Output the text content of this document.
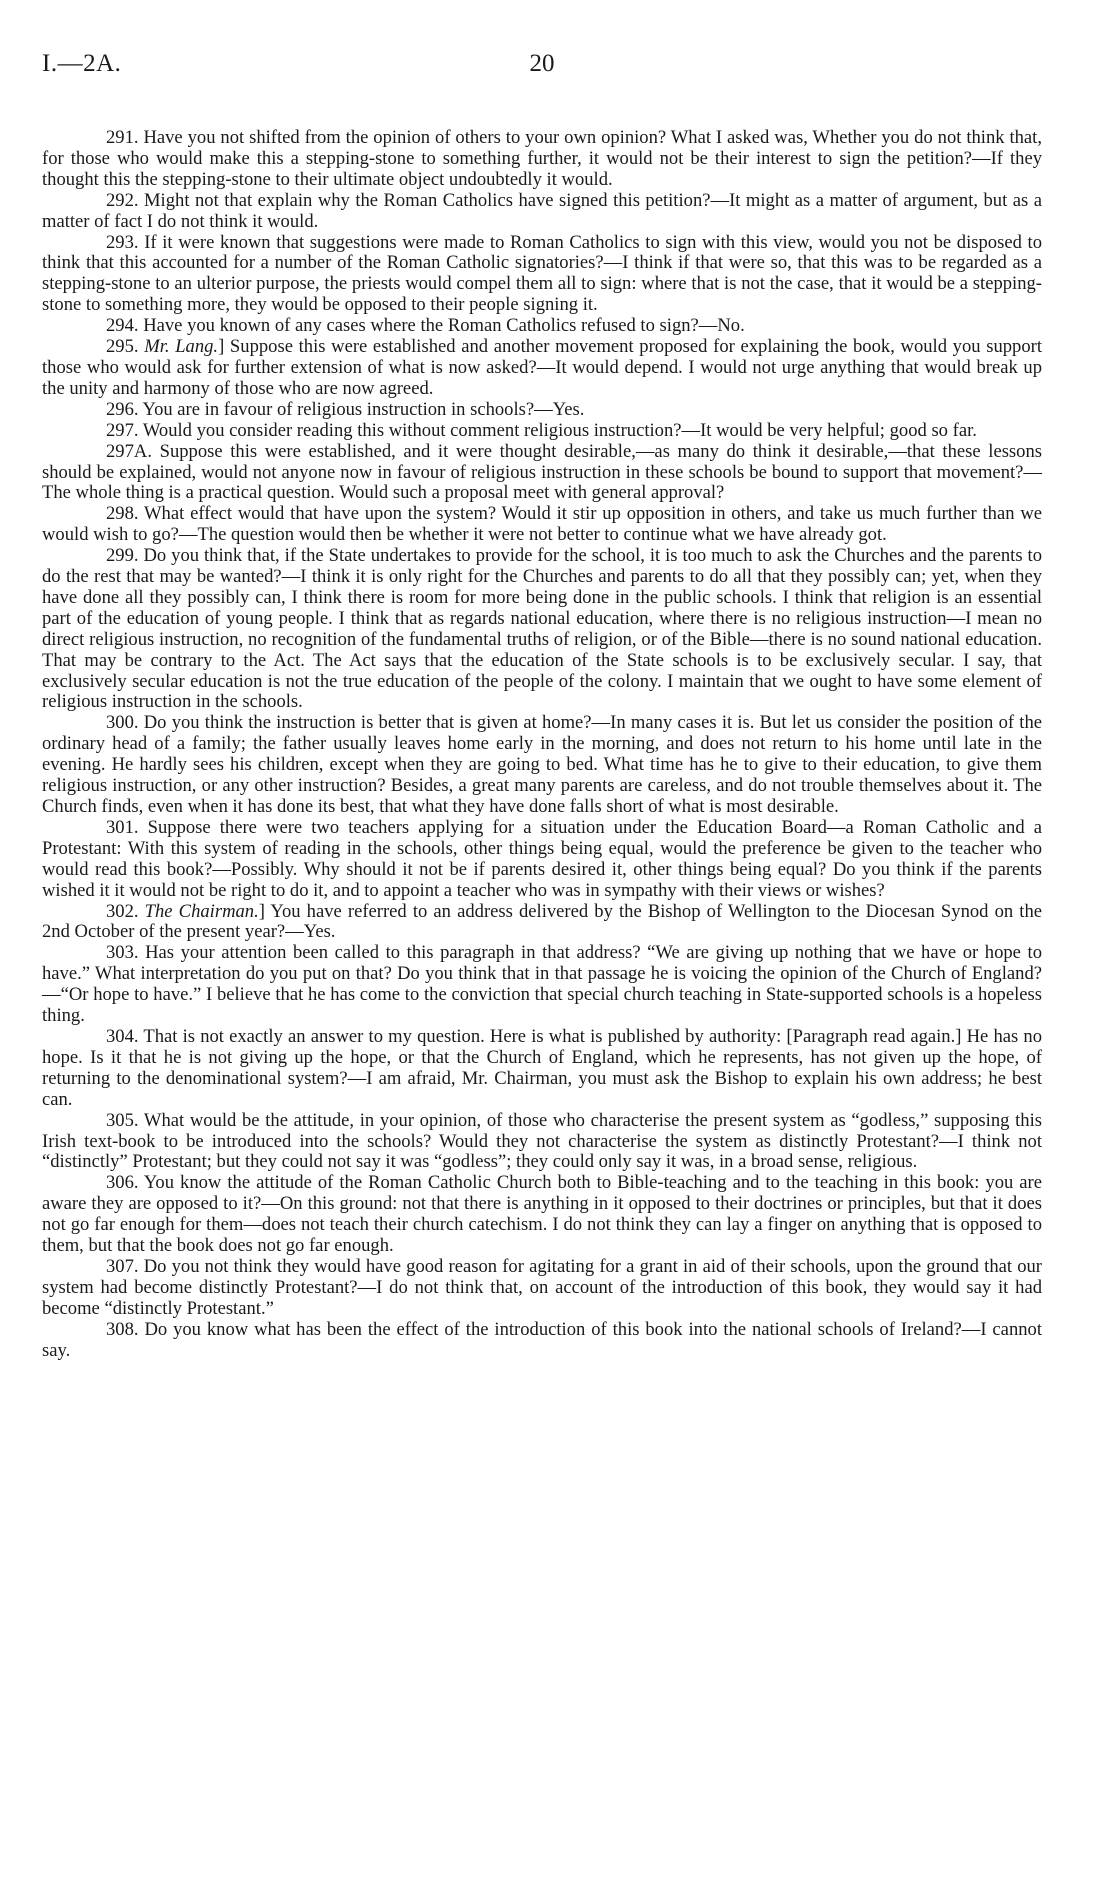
I.—2A.	20

291. Have you not shifted from the opinion of others to your own opinion? What I asked was, Whether you do not think that, for those who would make this a stepping-stone to something further, it would not be their interest to sign the petition?—If they thought this the stepping-stone to their ultimate object undoubtedly it would.

292. Might not that explain why the Roman Catholics have signed this petition?—It might as a matter of argument, but as a matter of fact I do not think it would.

293. If it were known that suggestions were made to Roman Catholics to sign with this view, would you not be disposed to think that this accounted for a number of the Roman Catholic signatories?—I think if that were so, that this was to be regarded as a stepping-stone to an ulterior purpose, the priests would compel them all to sign: where that is not the case, that it would be a stepping-stone to something more, they would be opposed to their people signing it.

294. Have you known of any cases where the Roman Catholics refused to sign?—No.

295. Mr. Lang.] Suppose this were established and another movement proposed for explaining the book, would you support those who would ask for further extension of what is now asked?—It would depend. I would not urge anything that would break up the unity and harmony of those who are now agreed.

296. You are in favour of religious instruction in schools?—Yes.

297. Would you consider reading this without comment religious instruction?—It would be very helpful; good so far.

297A. Suppose this were established, and it were thought desirable,—as many do think it desirable,—that these lessons should be explained, would not anyone now in favour of religious instruction in these schools be bound to support that movement?—The whole thing is a practical question. Would such a proposal meet with general approval?

298. What effect would that have upon the system? Would it stir up opposition in others, and take us much further than we would wish to go?—The question would then be whether it were not better to continue what we have already got.

299. Do you think that, if the State undertakes to provide for the school, it is too much to ask the Churches and the parents to do the rest that may be wanted?—I think it is only right for the Churches and parents to do all that they possibly can; yet, when they have done all they possibly can, I think there is room for more being done in the public schools. I think that religion is an essential part of the education of young people. I think that as regards national education, where there is no religious instruction—I mean no direct religious instruction, no recognition of the fundamental truths of religion, or of the Bible—there is no sound national education. That may be contrary to the Act. The Act says that the education of the State schools is to be exclusively secular. I say, that exclusively secular education is not the true education of the people of the colony. I maintain that we ought to have some element of religious instruction in the schools.

300. Do you think the instruction is better that is given at home?—In many cases it is. But let us consider the position of the ordinary head of a family; the father usually leaves home early in the morning, and does not return to his home until late in the evening. He hardly sees his children, except when they are going to bed. What time has he to give to their education, to give them religious instruction, or any other instruction? Besides, a great many parents are careless, and do not trouble themselves about it. The Church finds, even when it has done its best, that what they have done falls short of what is most desirable.

301. Suppose there were two teachers applying for a situation under the Education Board—a Roman Catholic and a Protestant: With this system of reading in the schools, other things being equal, would the preference be given to the teacher who would read this book?—Possibly. Why should it not be if parents desired it, other things being equal? Do you think if the parents wished it it would not be right to do it, and to appoint a teacher who was in sympathy with their views or wishes?

302. The Chairman.] You have referred to an address delivered by the Bishop of Wellington to the Diocesan Synod on the 2nd October of the present year?—Yes.

303. Has your attention been called to this paragraph in that address? “We are giving up nothing that we have or hope to have.” What interpretation do you put on that? Do you think that in that passage he is voicing the opinion of the Church of England?—“Or hope to have.” I believe that he has come to the conviction that special church teaching in State-supported schools is a hopeless thing.

304. That is not exactly an answer to my question. Here is what is published by authority: [Paragraph read again.] He has no hope. Is it that he is not giving up the hope, or that the Church of England, which he represents, has not given up the hope, of returning to the denominational system?—I am afraid, Mr. Chairman, you must ask the Bishop to explain his own address; he best can.

305. What would be the attitude, in your opinion, of those who characterise the present system as “godless,” supposing this Irish text-book to be introduced into the schools? Would they not characterise the system as distinctly Protestant?—I think not “distinctly” Protestant; but they could not say it was “godless”; they could only say it was, in a broad sense, religious.

306. You know the attitude of the Roman Catholic Church both to Bible-teaching and to the teaching in this book: you are aware they are opposed to it?—On this ground: not that there is anything in it opposed to their doctrines or principles, but that it does not go far enough for them—does not teach their church catechism. I do not think they can lay a finger on anything that is opposed to them, but that the book does not go far enough.

307. Do you not think they would have good reason for agitating for a grant in aid of their schools, upon the ground that our system had become distinctly Protestant?—I do not think that, on account of the introduction of this book, they would say it had become “distinctly Protestant.”

308. Do you know what has been the effect of the introduction of this book into the national schools of Ireland?—I cannot say.
